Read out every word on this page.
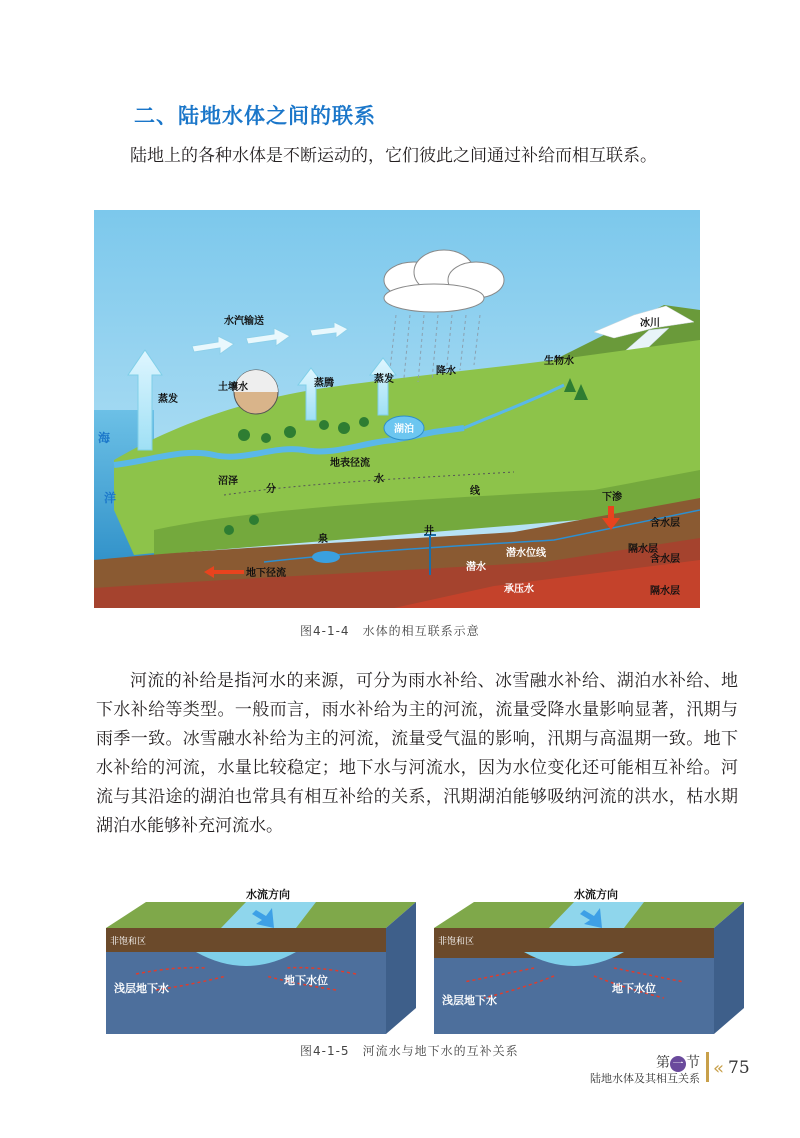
二、陆地水体之间的联系

陆地上的各种水体是不断运动的，它们彼此之间通过补给而相互联系。

水汽输送
蒸发
土壤水	蒸腾	蒸发
降水
生物水
冰川
海
洋
湖泊
沼泽
地表径流
分
水
线
下渗
含水层
隔水层
含水层
隔水层
泉
井
潜水
潜水位线
承压水
地下径流
图4-1-4　水体的相互联系示意

河流的补给是指河水的来源，可分为雨水补给、冰雪融水补给、湖泊水补给、地下水补给等类型。一般而言，雨水补给为主的河流，流量受降水量影响显著，汛期与雨季一致。冰雪融水补给为主的河流，流量受气温的影响，汛期与高温期一致。地下水补给的河流，水量比较稳定；地下水与河流水，因为水位变化还可能相互补给。河流与其沿途的湖泊也常具有相互补给的关系，汛期湖泊能够吸纳河流的洪水，枯水期湖泊水能够补充河流水。

水流方向
非饱和区
浅层地下水
地下水位
水流方向
非饱和区
浅层地下水
地下水位
图4-1-5　河流水与地下水的互补关系
第 一 节
陆地水体及其相互关系 « 75
